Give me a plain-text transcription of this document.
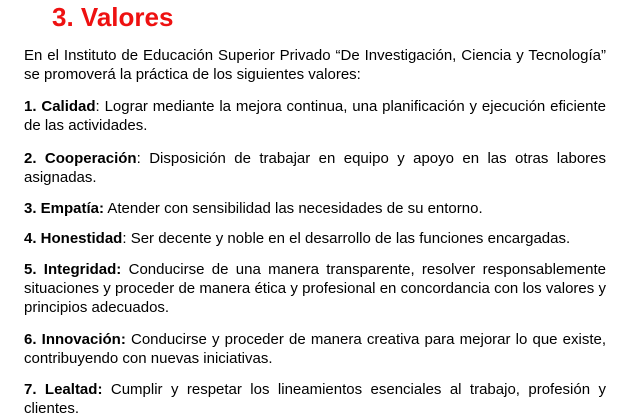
3. Valores

En el Instituto de Educación Superior Privado “De Investigación, Ciencia y Tecnología” se promoverá la práctica de los siguientes valores:

1. Calidad: Lograr mediante la mejora continua, una planificación y ejecución eficiente de las actividades.

2. Cooperación: Disposición de trabajar en equipo y apoyo en las otras labores asignadas.

3. Empatía: Atender con sensibilidad las necesidades de su entorno.

4. Honestidad: Ser decente y noble en el desarrollo de las funciones encargadas.

5. Integridad: Conducirse de una manera transparente, resolver responsablemente situaciones y proceder de manera ética y profesional en concordancia con los valores y principios adecuados.

6. Innovación: Conducirse y proceder de manera creativa para mejorar lo que existe, contribuyendo con nuevas iniciativas.

7. Lealtad: Cumplir y respetar los lineamientos esenciales al trabajo, profesión y clientes.
